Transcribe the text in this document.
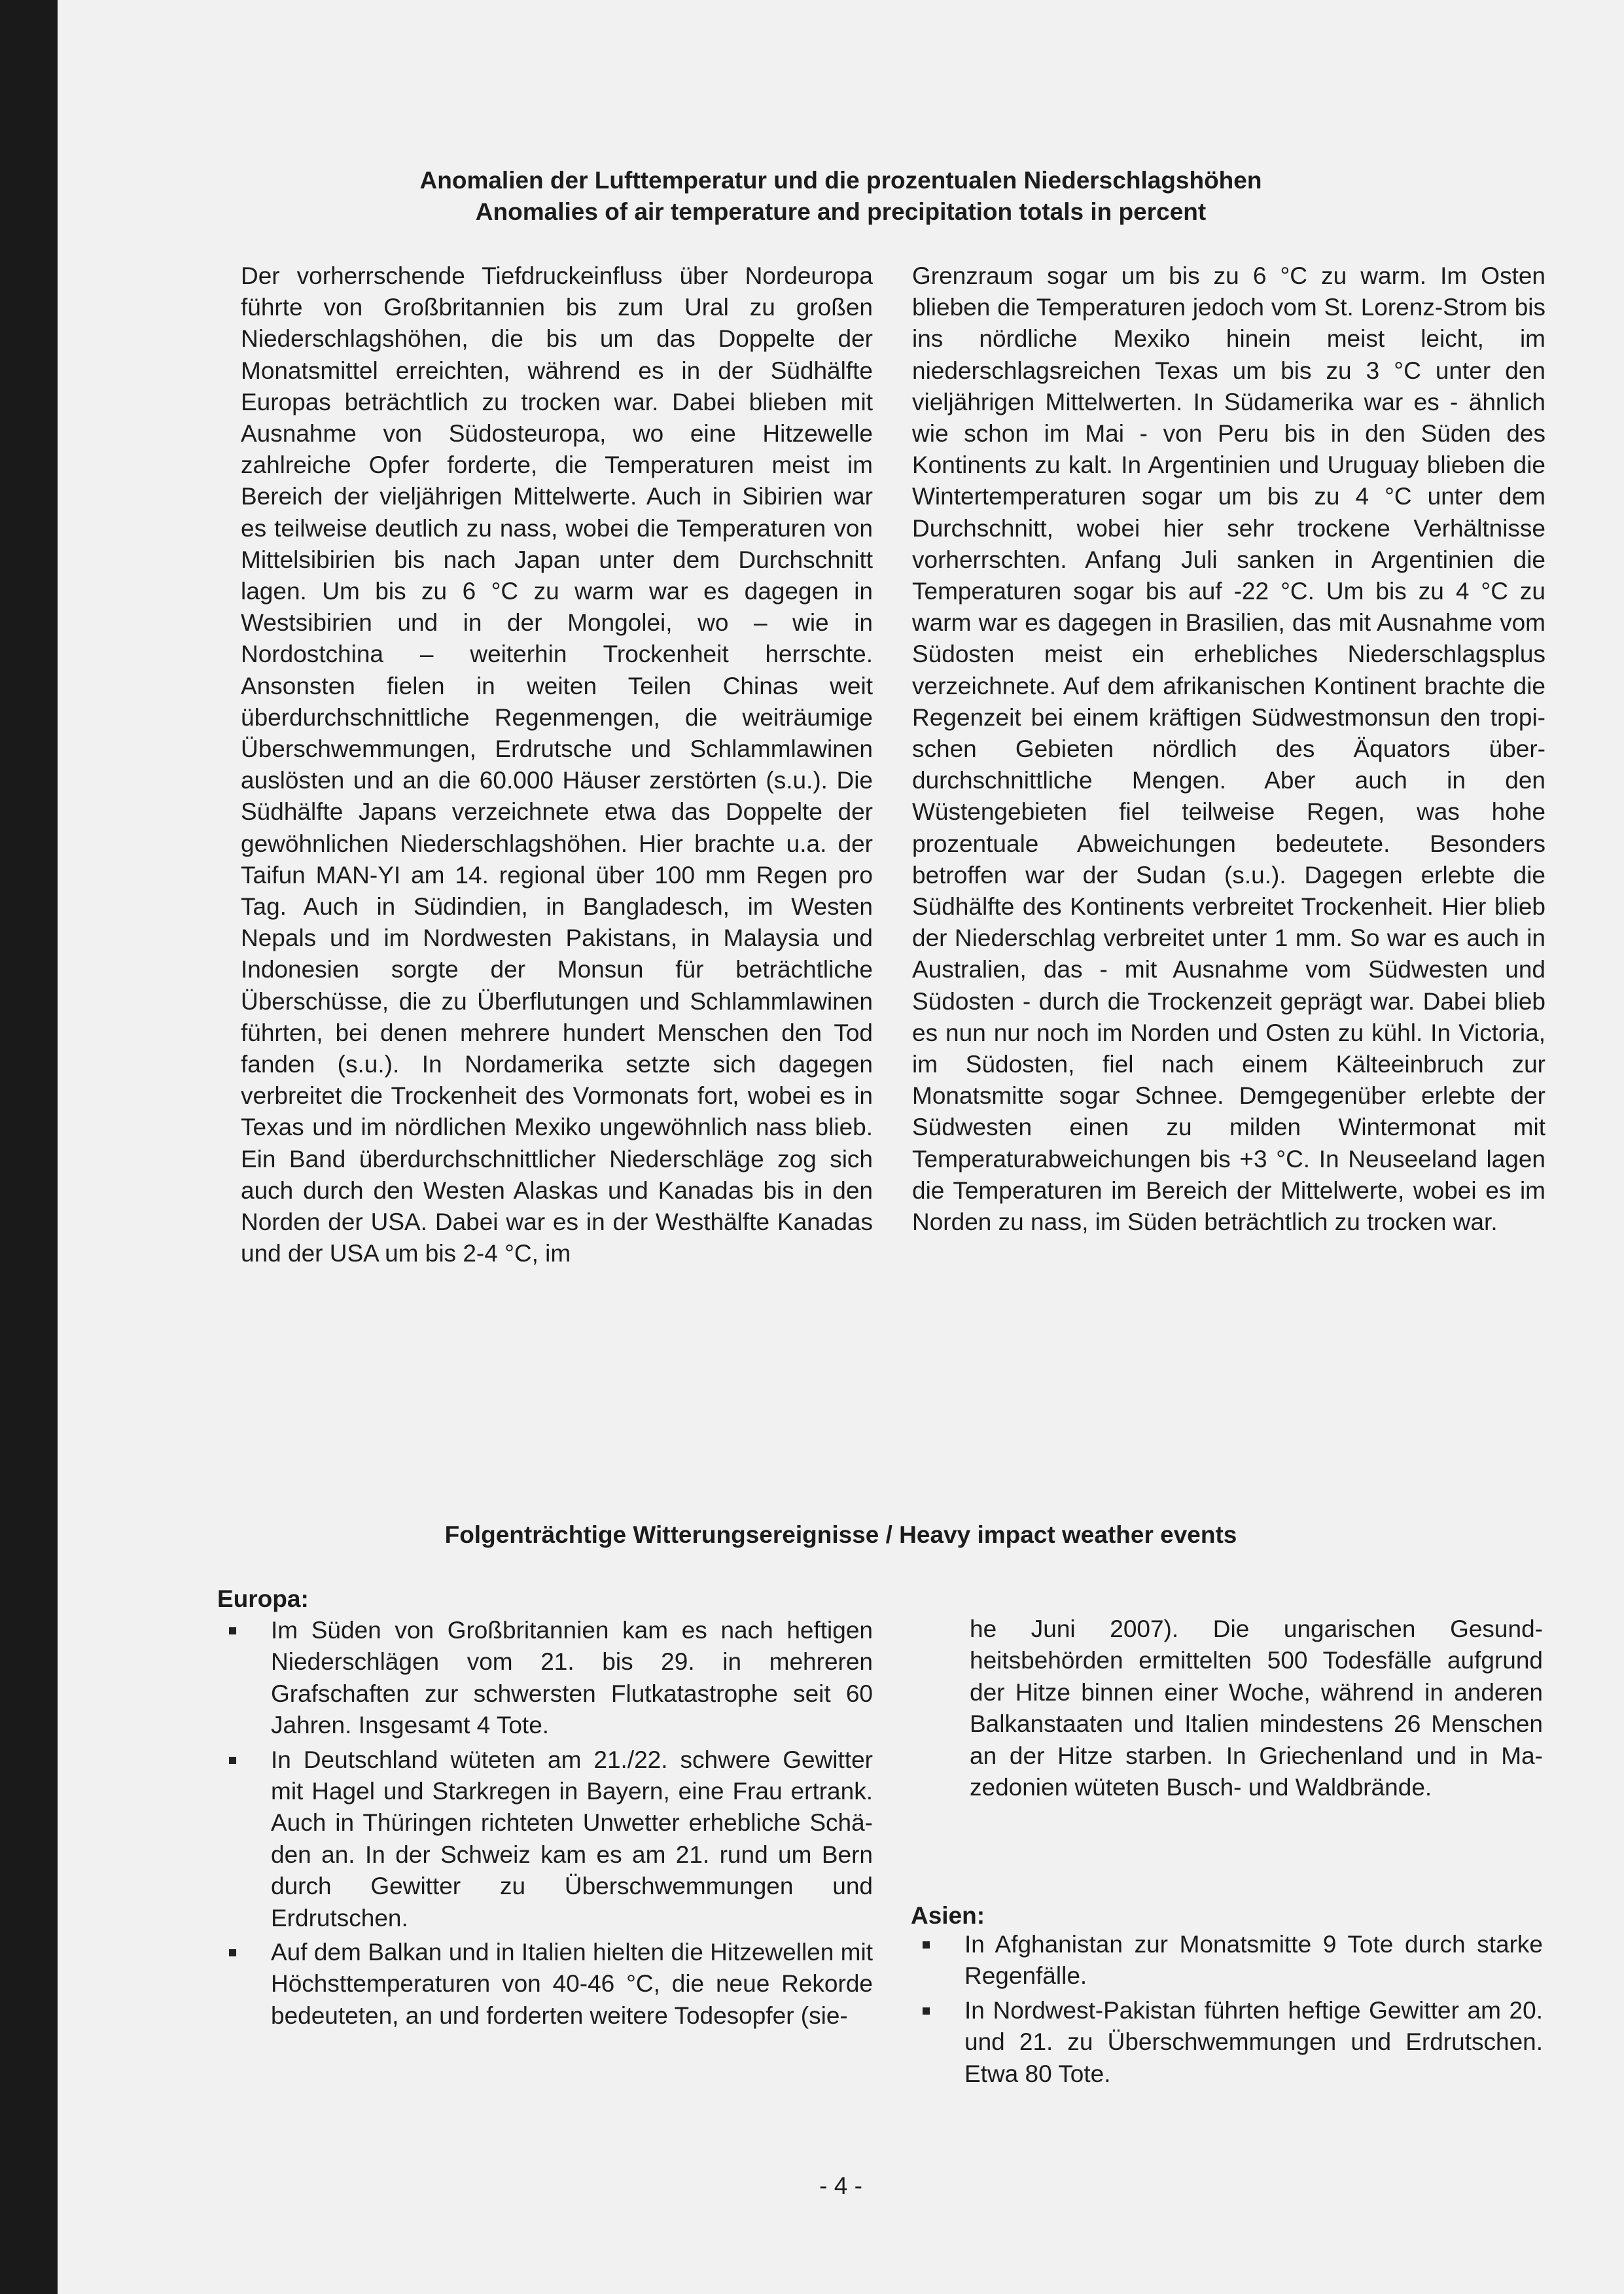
Anomalien der Lufttemperatur und die prozentualen Niederschlagshöhen
Anomalies of air temperature and precipitation totals in percent

Der vorherrschende Tiefdruckeinfluss über Nordeuropa führte von Großbritannien bis zum Ural zu großen Niederschlagshöhen, die bis um das Doppelte der Monatsmittel erreichten, während es in der Südhälfte Europas beträchtlich zu trocken war. Dabei blieben mit Ausnahme von Südosteuropa, wo eine Hitzewelle zahlreiche Opfer forderte, die Temperaturen meist im Bereich der vieljährigen Mittelwerte. Auch in Sibirien war es teilweise deutlich zu nass, wobei die Temperaturen von Mittelsibirien bis nach Japan unter dem Durchschnitt lagen. Um bis zu 6 °C zu warm war es dagegen in Westsibirien und in der Mongolei, wo – wie in Nordostchina – weiterhin Trockenheit herrschte. Ansonsten fielen in weiten Teilen Chinas weit überdurchschnittliche Regenmengen, die weiträumige Überschwemmungen, Erdrutsche und Schlammlawinen auslösten und an die 60.000 Häuser zerstörten (s.u.). Die Südhälfte Japans verzeichnete etwa das Doppelte der gewöhnlichen Niederschlagshöhen. Hier brachte u.a. der Taifun MAN-YI am 14. regional über 100 mm Regen pro Tag. Auch in Südindien, in Bangladesch, im Westen Nepals und im Nordwesten Pakistans, in Malaysia und Indonesien sorgte der Monsun für beträchtliche Überschüsse, die zu Überflutungen und Schlammlawinen führten, bei denen mehrere hundert Menschen den Tod fanden (s.u.). In Nordamerika setzte sich dagegen verbreitet die Trockenheit des Vormonats fort, wobei es in Texas und im nördlichen Mexiko ungewöhnlich nass blieb. Ein Band überdurchschnittlicher Niederschläge zog sich auch durch den Westen Alaskas und Kanadas bis in den Norden der USA. Dabei war es in der Westhälfte Kanadas und der USA um bis 2-4 °C, im

Grenzraum sogar um bis zu 6 °C zu warm. Im Osten blieben die Temperaturen jedoch vom St. Lorenz-Strom bis ins nördliche Mexiko hinein meist leicht, im niederschlagsreichen Texas um bis zu 3 °C unter den vieljährigen Mittelwerten. In Südamerika war es - ähnlich wie schon im Mai - von Peru bis in den Süden des Kontinents zu kalt. In Argentinien und Uruguay blieben die Wintertemperaturen sogar um bis zu 4 °C unter dem Durchschnitt, wobei hier sehr trockene Verhältnisse vorherrschten. Anfang Juli sanken in Argentinien die Temperaturen sogar bis auf -22 °C. Um bis zu 4 °C zu warm war es dagegen in Brasilien, das mit Ausnahme vom Südosten meist ein erhebliches Niederschlagsplus verzeichnete. Auf dem afrikanischen Kontinent brachte die Regenzeit bei einem kräftigen Südwestmonsun den tropischen Gebieten nördlich des Äquators überdurchschnittliche Mengen. Aber auch in den Wüstengebieten fiel teilweise Regen, was hohe prozentuale Abweichungen bedeutete. Besonders betroffen war der Sudan (s.u.). Dagegen erlebte die Südhälfte des Kontinents verbreitet Trockenheit. Hier blieb der Niederschlag verbreitet unter 1 mm. So war es auch in Australien, das - mit Ausnahme vom Südwesten und Südosten - durch die Trockenzeit geprägt war. Dabei blieb es nun nur noch im Norden und Osten zu kühl. In Victoria, im Südosten, fiel nach einem Kälteeinbruch zur Monatsmitte sogar Schnee. Demgegenüber erlebte der Südwesten einen zu milden Wintermonat mit Temperaturabweichungen bis +3 °C. In Neuseeland lagen die Temperaturen im Bereich der Mittelwerte, wobei es im Norden zu nass, im Süden beträchtlich zu trocken war.

Folgenträchtige Witterungsereignisse / Heavy impact weather events
Europa:
Im Süden von Großbritannien kam es nach heftigen Niederschlägen vom 21. bis 29. in mehreren Grafschaften zur schwersten Flutkatastrophe seit 60 Jahren. Insgesamt 4 Tote.
In Deutschland wüteten am 21./22. schwere Gewitter mit Hagel und Starkregen in Bayern, eine Frau ertrank. Auch in Thüringen richteten Unwetter erhebliche Schäden an. In der Schweiz kam es am 21. rund um Bern durch Gewitter zu Überschwemmungen und Erdrutschen.
Auf dem Balkan und in Italien hielten die Hitzewellen mit Höchsttemperaturen von 40-46 °C, die neue Rekorde bedeuteten, an und forderten weitere Todesopfer (sie-

he Juni 2007). Die ungarischen Gesundheitsbehörden ermittelten 500 Todesfälle aufgrund der Hitze binnen einer Woche, während in anderen Balkanstaaten und Italien mindestens 26 Menschen an der Hitze starben. In Griechenland und in Mazedonien wüteten Busch- und Waldbrände.

Asien:
In Afghanistan zur Monatsmitte 9 Tote durch starke Regenfälle.
In Nordwest-Pakistan führten heftige Gewitter am 20. und 21. zu Überschwemmungen und Erdrutschen. Etwa 80 Tote.
- 4 -
